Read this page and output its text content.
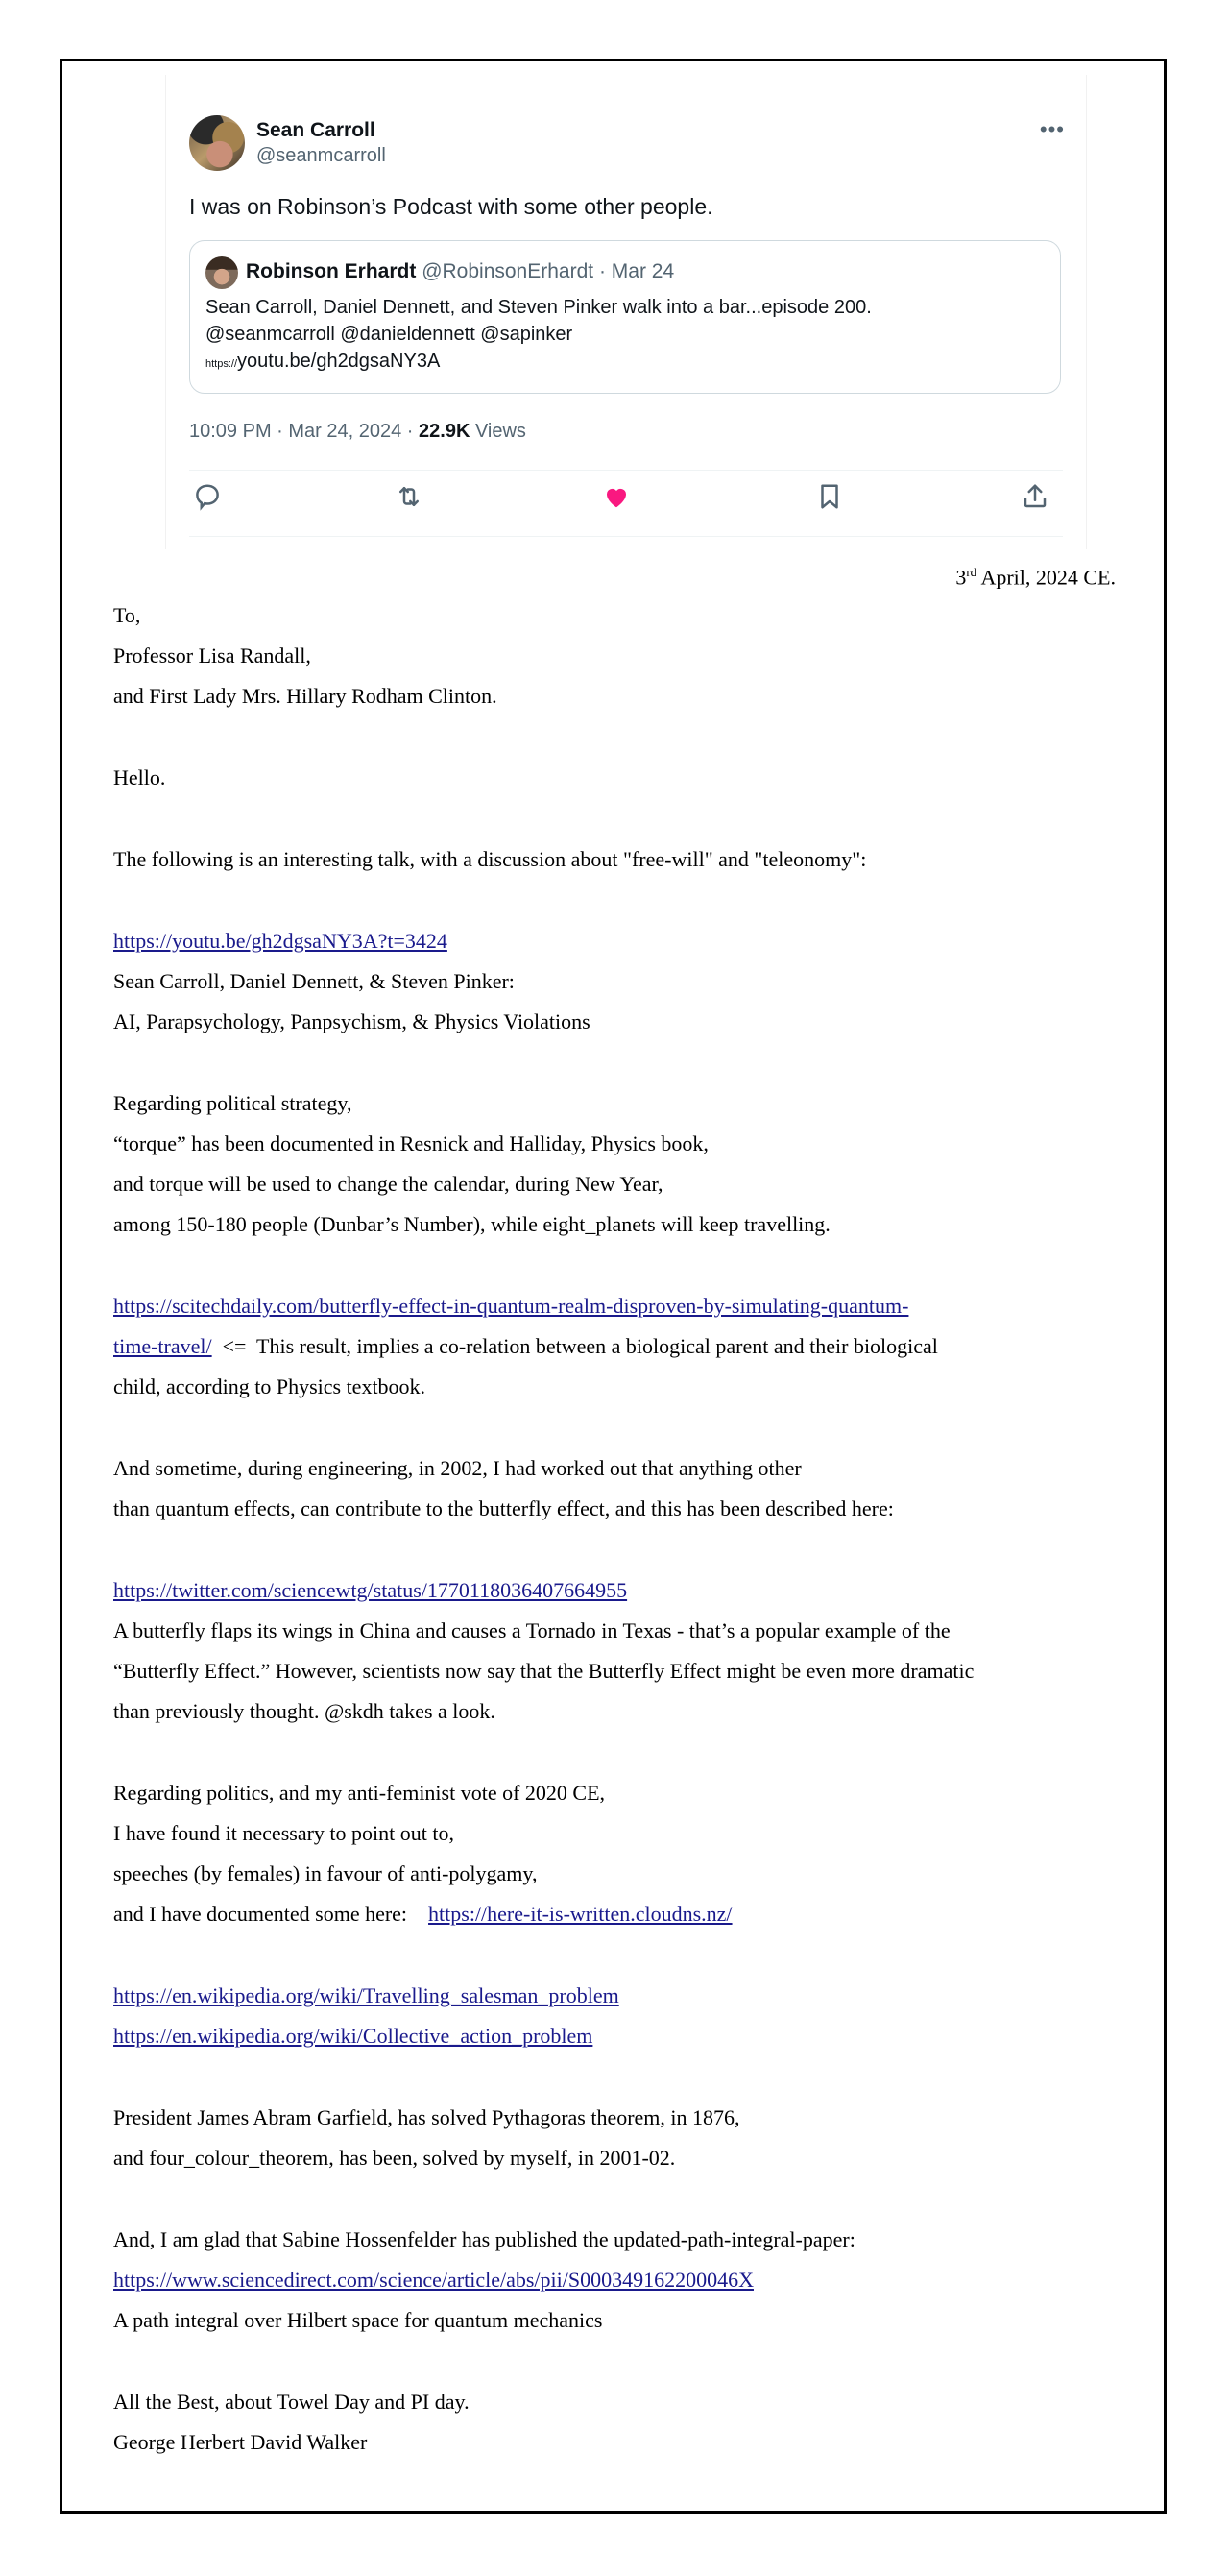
Sean Carroll
@seanmcarroll
•••
I was on Robinson’s Podcast with some other people.
Robinson Erhardt @RobinsonErhardt · Mar 24
Sean Carroll, Daniel Dennett, and Steven Pinker walk into a bar...episode 200.
@seanmcarroll @danieldennett @sapinker
https://youtu.be/gh2dgsaNY3A
10:09 PM · Mar 24, 2024 · 22.9K Views
3rd April, 2024 CE.
To,
Professor Lisa Randall,
and First Lady Mrs. Hillary Rodham Clinton.
Hello.
The following is an interesting talk, with a discussion about "free-will" and "teleonomy":
https://youtu.be/gh2dgsaNY3A?t=3424
Sean Carroll, Daniel Dennett, & Steven Pinker:
AI, Parapsychology, Panpsychism, & Physics Violations
Regarding political strategy,
“torque” has been documented in Resnick and Halliday, Physics book,
and torque will be used to change the calendar, during New Year,
among 150-180 people (Dunbar’s Number), while eight_planets will keep travelling.
https://scitechdaily.com/butterfly-effect-in-quantum-realm-disproven-by-simulating-quantum-
time-travel/  <=  This result, implies a co-relation between a biological parent and their biological
child, according to Physics textbook.
And sometime, during engineering, in 2002, I had worked out that anything other
than quantum effects, can contribute to the butterfly effect, and this has been described here:
https://twitter.com/sciencewtg/status/1770118036407664955
A butterfly flaps its wings in China and causes a Tornado in Texas - that’s a popular example of the
“Butterfly Effect.” However, scientists now say that the Butterfly Effect might be even more dramatic
than previously thought. @skdh takes a look.
Regarding politics, and my anti-feminist vote of 2020 CE,
I have found it necessary to point out to,
speeches (by females) in favour of anti-polygamy,
and I have documented some here:    https://here-it-is-written.cloudns.nz/
https://en.wikipedia.org/wiki/Travelling_salesman_problem
https://en.wikipedia.org/wiki/Collective_action_problem
President James Abram Garfield, has solved Pythagoras theorem, in 1876,
and four_colour_theorem, has been, solved by myself, in 2001-02.
And, I am glad that Sabine Hossenfelder has published the updated-path-integral-paper:
https://www.sciencedirect.com/science/article/abs/pii/S000349162200046X
A path integral over Hilbert space for quantum mechanics
All the Best, about Towel Day and PI day.
George Herbert David Walker
